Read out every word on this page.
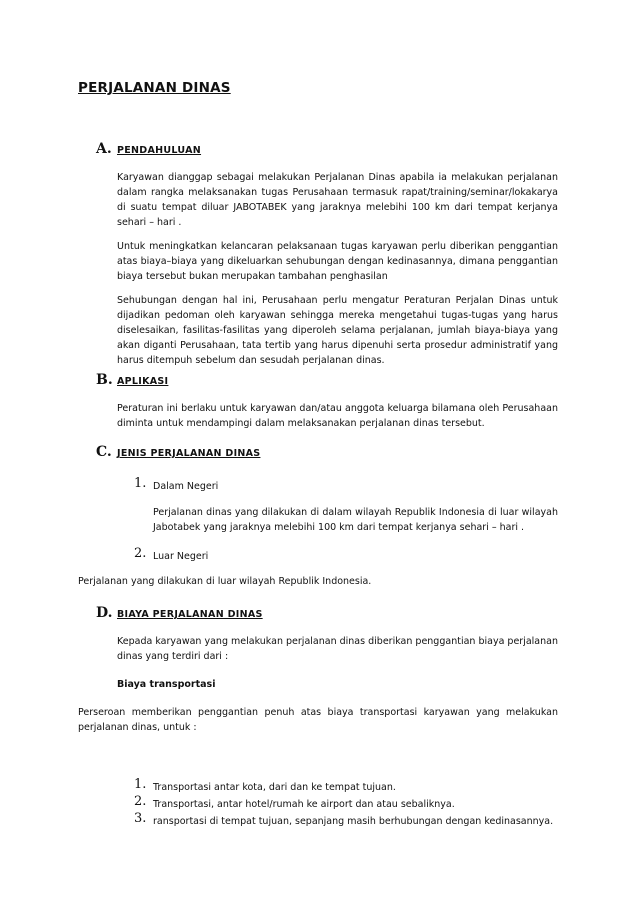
PERJALANAN DINAS
A. PENDAHULUAN
Karyawan dianggap sebagai melakukan Perjalanan Dinas apabila ia melakukan perjalanan dalam rangka melaksanakan tugas Perusahaan termasuk rapat/training/seminar/lokakarya di suatu tempat diluar JABOTABEK yang jaraknya melebihi 100 km dari tempat kerjanya sehari – hari .
Untuk meningkatkan kelancaran pelaksanaan tugas karyawan perlu diberikan penggantian atas biaya–biaya yang dikeluarkan sehubungan dengan kedinasannya, dimana penggantian biaya tersebut bukan merupakan tambahan penghasilan
Sehubungan dengan hal ini, Perusahaan perlu mengatur Peraturan Perjalan Dinas untuk dijadikan pedoman oleh karyawan sehingga mereka mengetahui tugas-tugas yang harus diselesaikan, fasilitas-fasilitas yang diperoleh selama perjalanan, jumlah biaya-biaya yang akan diganti Perusahaan, tata tertib yang harus dipenuhi serta prosedur administratif yang harus ditempuh sebelum dan sesudah perjalanan dinas.
B. APLIKASI
Peraturan ini berlaku untuk karyawan dan/atau anggota keluarga bilamana oleh Perusahaan diminta untuk mendampingi dalam melaksanakan perjalanan dinas tersebut.
C. JENIS PERJALANAN DINAS
1. Dalam Negeri
Perjalanan dinas yang dilakukan di dalam wilayah Republik Indonesia di luar wilayah Jabotabek yang jaraknya melebihi 100 km dari tempat kerjanya sehari – hari .
2. Luar Negeri
Perjalanan yang dilakukan di luar wilayah Republik Indonesia.
D. BIAYA PERJALANAN DINAS
Kepada karyawan yang melakukan perjalanan dinas diberikan penggantian biaya perjalanan dinas yang terdiri dari :
Biaya transportasi
Perseroan memberikan penggantian penuh atas biaya transportasi karyawan yang melakukan perjalanan dinas, untuk :
1. Transportasi antar kota, dari dan ke tempat tujuan.
2. Transportasi, antar hotel/rumah ke airport dan atau sebaliknya.
3. ransportasi di tempat tujuan, sepanjang masih berhubungan dengan kedinasannya.
